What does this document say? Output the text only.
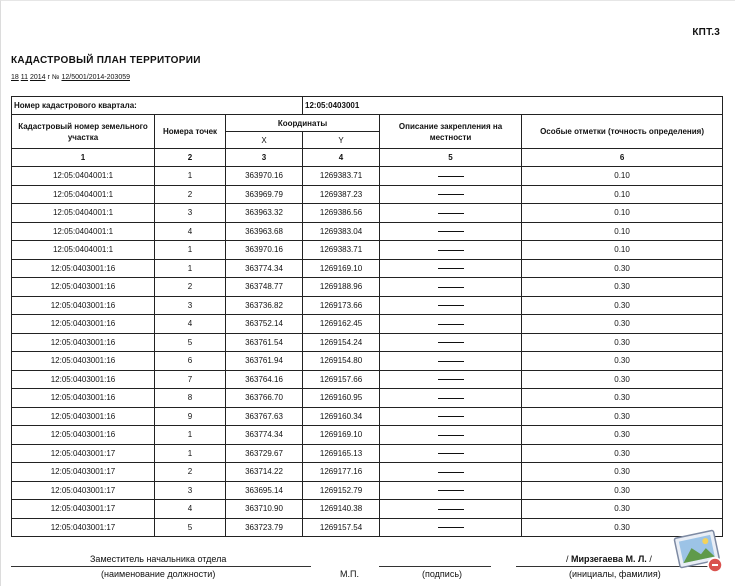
КПТ.3
КАДАСТРОВЫЙ ПЛАН ТЕРРИТОРИИ
18 11 2014 г № 12/5001/2014-203059
Номер кадастрового квартала:			12:05:0403001		
Кадастровый номер земельного участка	Номера точек	Координаты		Описание закрепления на местности	Особые отметки (точность определения)
		X	Y		
1	2	3	4	5	6
12:05:0404001:1	1	363970.16	1269383.71		0.10
12:05:0404001:1	2	363969.79	1269387.23		0.10
12:05:0404001:1	3	363963.32	1269386.56		0.10
12:05:0404001:1	4	363963.68	1269383.04		0.10
12:05:0404001:1	1	363970.16	1269383.71		0.10
12:05:0403001:16	1	363774.34	1269169.10		0.30
12:05:0403001:16	2	363748.77	1269188.96		0.30
12:05:0403001:16	3	363736.82	1269173.66		0.30
12:05:0403001:16	4	363752.14	1269162.45		0.30
12:05:0403001:16	5	363761.54	1269154.24		0.30
12:05:0403001:16	6	363761.94	1269154.80		0.30
12:05:0403001:16	7	363764.16	1269157.66		0.30
12:05:0403001:16	8	363766.70	1269160.95		0.30
12:05:0403001:16	9	363767.63	1269160.34		0.30
12:05:0403001:16	1	363774.34	1269169.10		0.30
12:05:0403001:17	1	363729.67	1269165.13		0.30
12:05:0403001:17	2	363714.22	1269177.16		0.30
12:05:0403001:17	3	363695.14	1269152.79		0.30
12:05:0403001:17	4	363710.90	1269140.38		0.30
12:05:0403001:17	5	363723.79	1269157.54		0.30
Заместитель начальника отдела
(наименование должности)	М.П.	(подпись)
/ Мирзегаева М. Л. /
(инициалы, фамилия)
